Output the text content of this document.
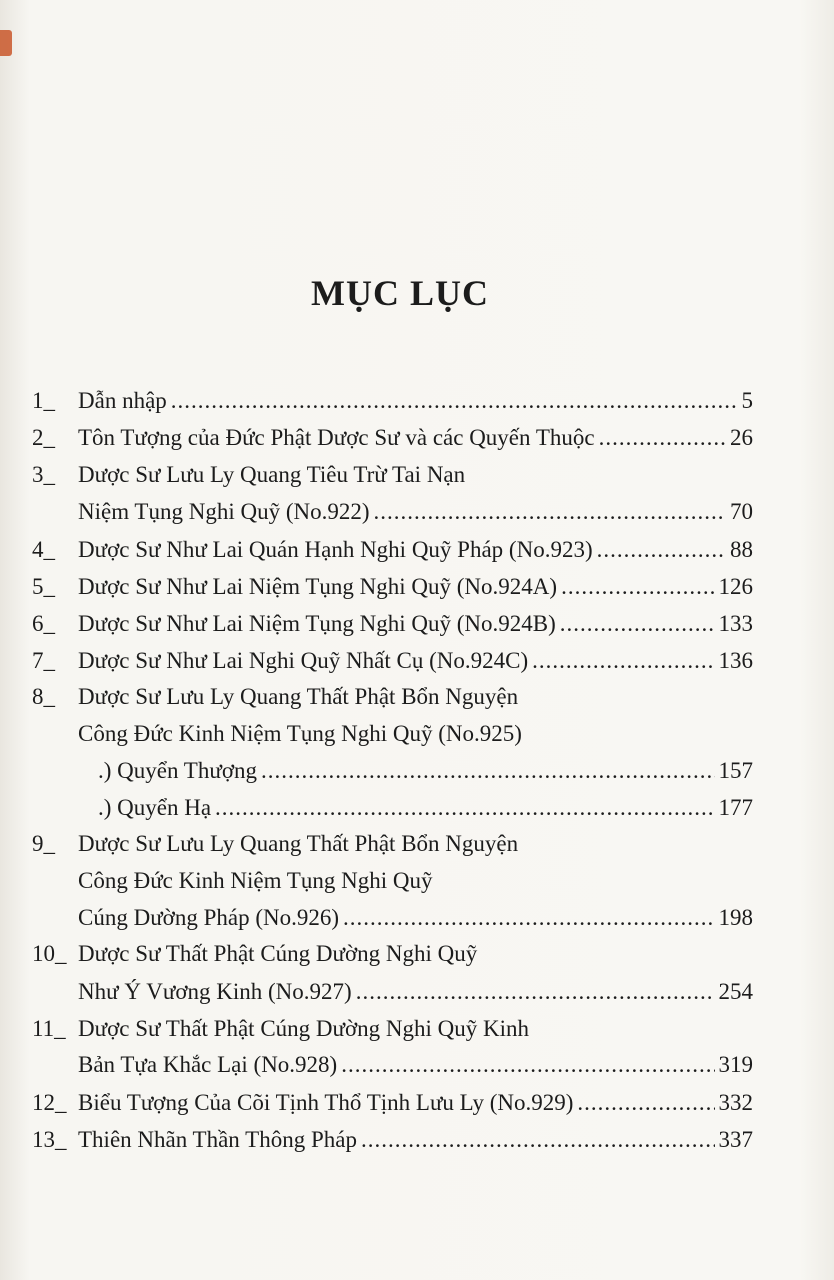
MỤC LỤC
1_	Dẫn nhập .....	5
2_	Tôn Tượng của Đức Phật Dược Sư và các Quyến Thuộc .....	26
3_	Dược Sư Lưu Ly Quang Tiêu Trừ Tai Nạn
Niệm Tụng Nghi Quỹ (No.922) .....	70
4_	Dược Sư Như Lai Quán Hạnh Nghi Quỹ Pháp (No.923) .....	88
5_	Dược Sư Như Lai Niệm Tụng Nghi Quỹ (No.924A) .....	126
6_	Dược Sư Như Lai Niệm Tụng Nghi Quỹ (No.924B) .....	133
7_	Dược Sư Như Lai Nghi Quỹ Nhất Cụ (No.924C) .....	136
8_	Dược Sư Lưu Ly Quang Thất Phật Bổn Nguyện
Công Đức Kinh Niệm Tụng Nghi Quỹ (No.925)
.) Quyển Thượng .....	157
.) Quyển Hạ .....	177
9_	Dược Sư Lưu Ly Quang Thất Phật Bổn Nguyện
Công Đức Kinh Niệm Tụng Nghi Quỹ
Cúng Dường Pháp (No.926) .....	198
10_ Dược Sư Thất Phật Cúng Dường Nghi Quỹ
Như Ý Vương Kinh (No.927) .....	254
11_ Dược Sư Thất Phật Cúng Dường Nghi Quỹ Kinh
Bản Tựa Khắc Lại (No.928) .....	319
12_ Biểu Tượng Của Cõi Tịnh Thổ Tịnh Lưu Ly (No.929) .....	332
13_ Thiên Nhãn Thần Thông Pháp .....	337
